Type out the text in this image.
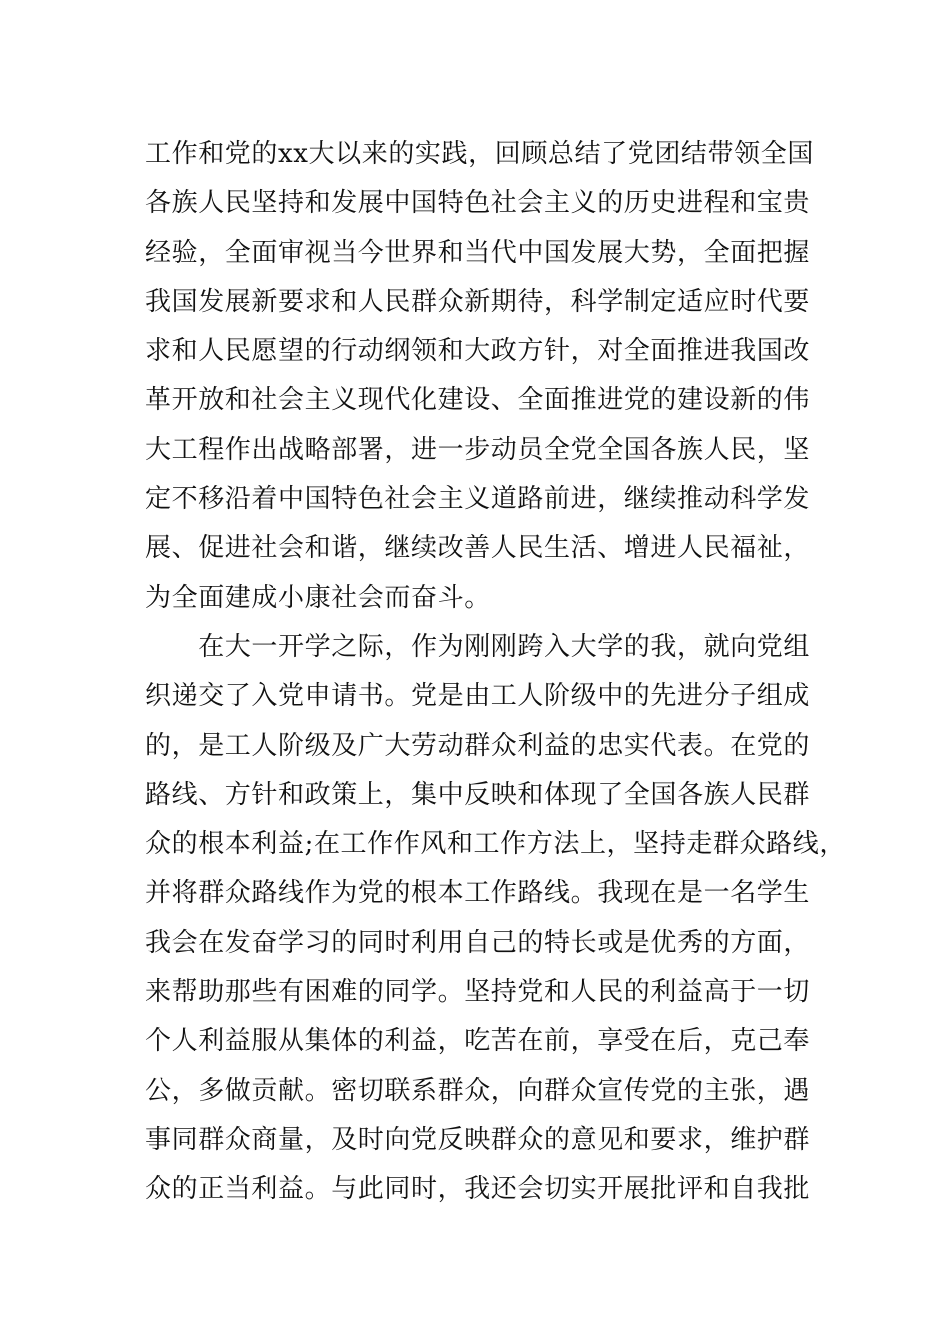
工作和党的xx大以来的实践，回顾总结了党团结带领全国
各族人民坚持和发展中国特色社会主义的历史进程和宝贵
经验，全面审视当今世界和当代中国发展大势，全面把握
我国发展新要求和人民群众新期待，科学制定适应时代要
求和人民愿望的行动纲领和大政方针，对全面推进我国改
革开放和社会主义现代化建设、全面推进党的建设新的伟
大工程作出战略部署，进一步动员全党全国各族人民，坚
定不移沿着中国特色社会主义道路前进，继续推动科学发
展、促进社会和谐，继续改善人民生活、增进人民福祉，
为全面建成小康社会而奋斗。
　　在大一开学之际，作为刚刚跨入大学的我，就向党组
织递交了入党申请书。党是由工人阶级中的先进分子组成
的，是工人阶级及广大劳动群众利益的忠实代表。在党的
路线、方针和政策上，集中反映和体现了全国各族人民群
众的根本利益;在工作作风和工作方法上，坚持走群众路线，
并将群众路线作为党的根本工作路线。我现在是一名学生
我会在发奋学习的同时利用自己的特长或是优秀的方面，
来帮助那些有困难的同学。坚持党和人民的利益高于一切
个人利益服从集体的利益，吃苦在前，享受在后，克己奉
公，多做贡献。密切联系群众，向群众宣传党的主张，遇
事同群众商量，及时向党反映群众的意见和要求，维护群
众的正当利益。与此同时，我还会切实开展批评和自我批
